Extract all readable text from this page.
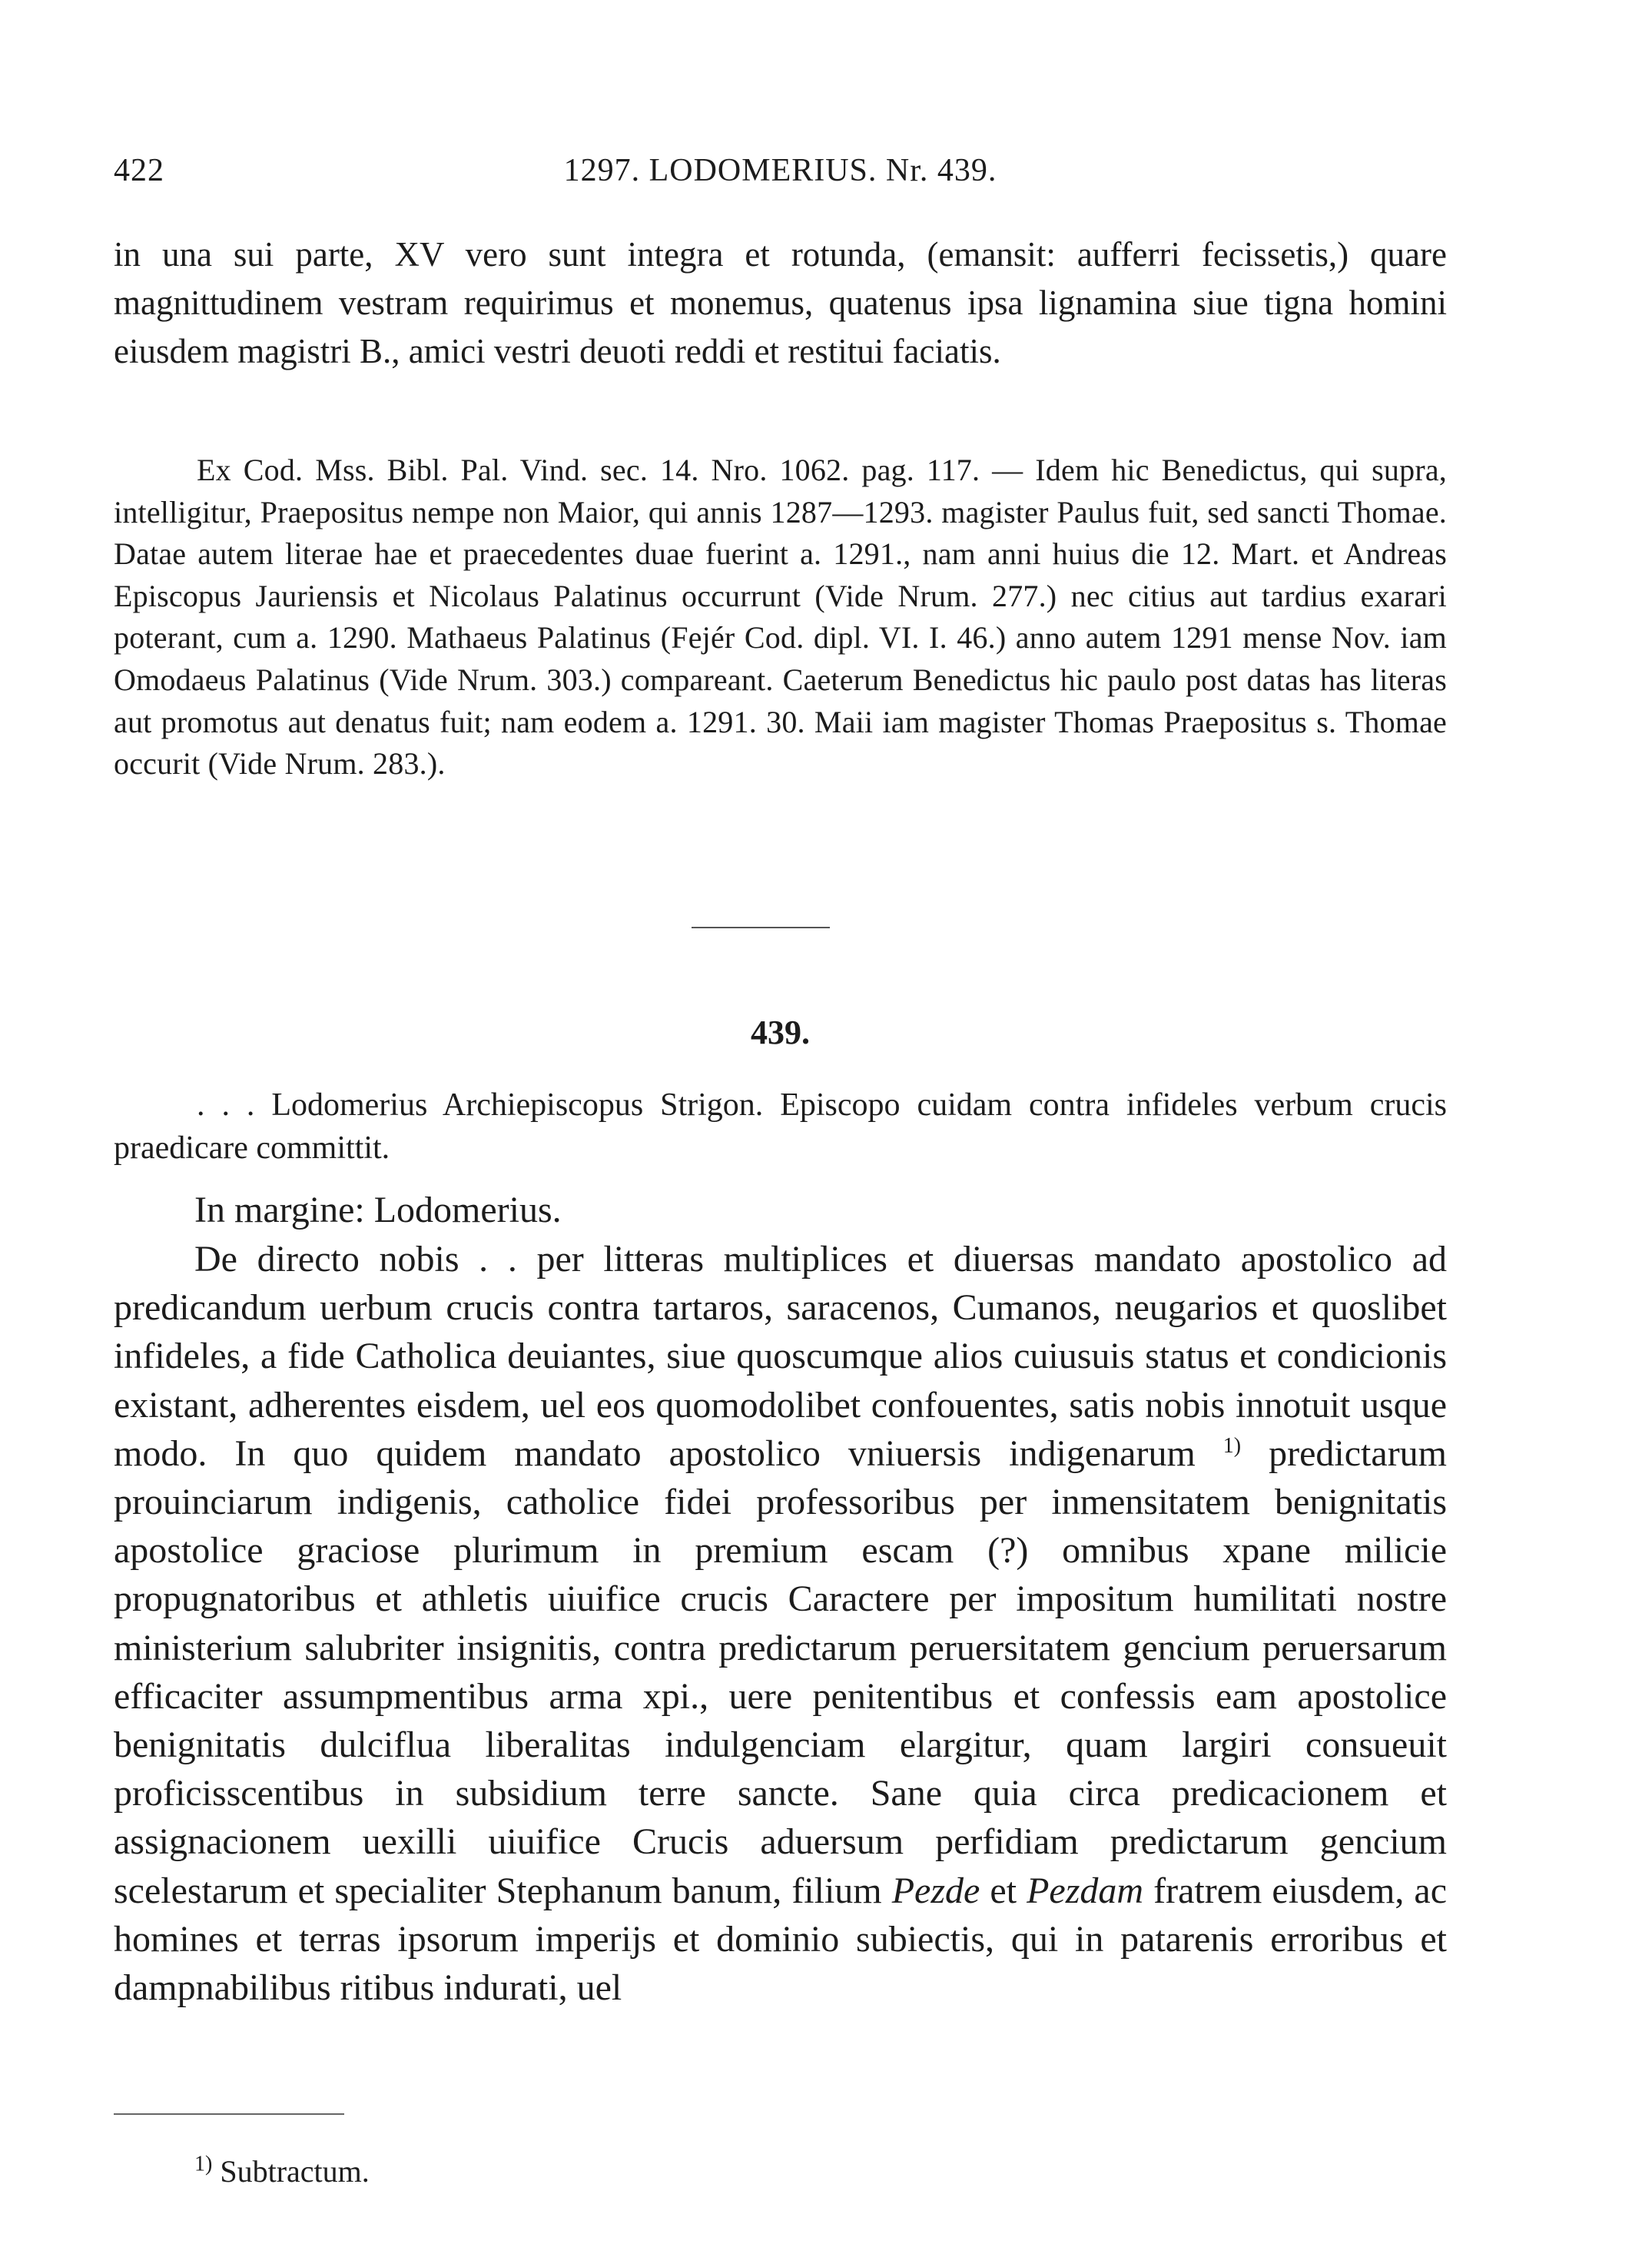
422	1297. LODOMERIUS. Nr. 439.

in una sui parte, XV vero sunt integra et rotunda, (emansit: aufferri fecissetis,) quare magnittudinem vestram requirimus et monemus, quatenus ipsa lignamina siue tigna homini eiusdem magistri B., amici vestri deuoti reddi et restitui faciatis.

Ex Cod. Mss. Bibl. Pal. Vind. sec. 14. Nro. 1062. pag. 117. — Idem hic Benedictus, qui supra, intelligitur, Praepositus nempe non Maior, qui annis 1287—1293. magister Paulus fuit, sed sancti Thomae. Datae autem literae hae et praecedentes duae fuerint a. 1291., nam anni huius die 12. Mart. et Andreas Episcopus Jauriensis et Nicolaus Palatinus occurrunt (Vide Nrum. 277.) nec citius aut tardius exarari poterant, cum a. 1290. Mathaeus Palatinus (Fejér Cod. dipl. VI. I. 46.) anno autem 1291 mense Nov. iam Omodaeus Palatinus (Vide Nrum. 303.) compareant. Caeterum Benedictus hic paulo post datas has literas aut promotus aut denatus fuit; nam eodem a. 1291. 30. Maii iam magister Thomas Praepositus s. Thomae occurit (Vide Nrum. 283.).

439.

. . . Lodomerius Archiepiscopus Strigon. Episcopo cuidam contra infideles verbum crucis praedicare committit.

In margine: Lodomerius.

De directo nobis . . per litteras multiplices et diuersas mandato apostolico ad predicandum uerbum crucis contra tartaros, saracenos, Cumanos, neugarios et quoslibet infideles, a fide Catholica deuiantes, siue quoscumque alios cuiusuis status et condicionis existant, adherentes eisdem, uel eos quomodolibet confouentes, satis nobis innotuit usque modo. In quo quidem mandato apostolico vniuersis indigenarum $^{1)}$ predictarum prouinciarum indigenis, catholice fidei professoribus per inmensitatem benignitatis apostolice graciose plurimum in premium escam (?) omnibus xpane milicie propugnatoribus et athletis uiuifice crucis Caractere per impositum humilitati nostre ministerium salubriter insignitis, contra predictarum peruersitatem gencium peruersarum efficaciter assumpmentibus arma xpi., uere penitentibus et confessis eam apostolice benignitatis dulciflua liberalitas indulgenciam elargitur, quam largiri consueuit proficisscentibus in subsidium terre sancte. Sane quia circa predicacionem et assignacionem uexilli uiuifice Crucis aduersum perfidiam predictarum gencium scelestarum et specialiter Stephanum banum, filium Pezde et Pezdam fratrem eiusdem, ac homines et terras ipsorum imperijs et dominio subiectis, qui in patarenis erroribus et dampnabilibus ritibus indurati, uel

$^{1)}$ Subtractum.
